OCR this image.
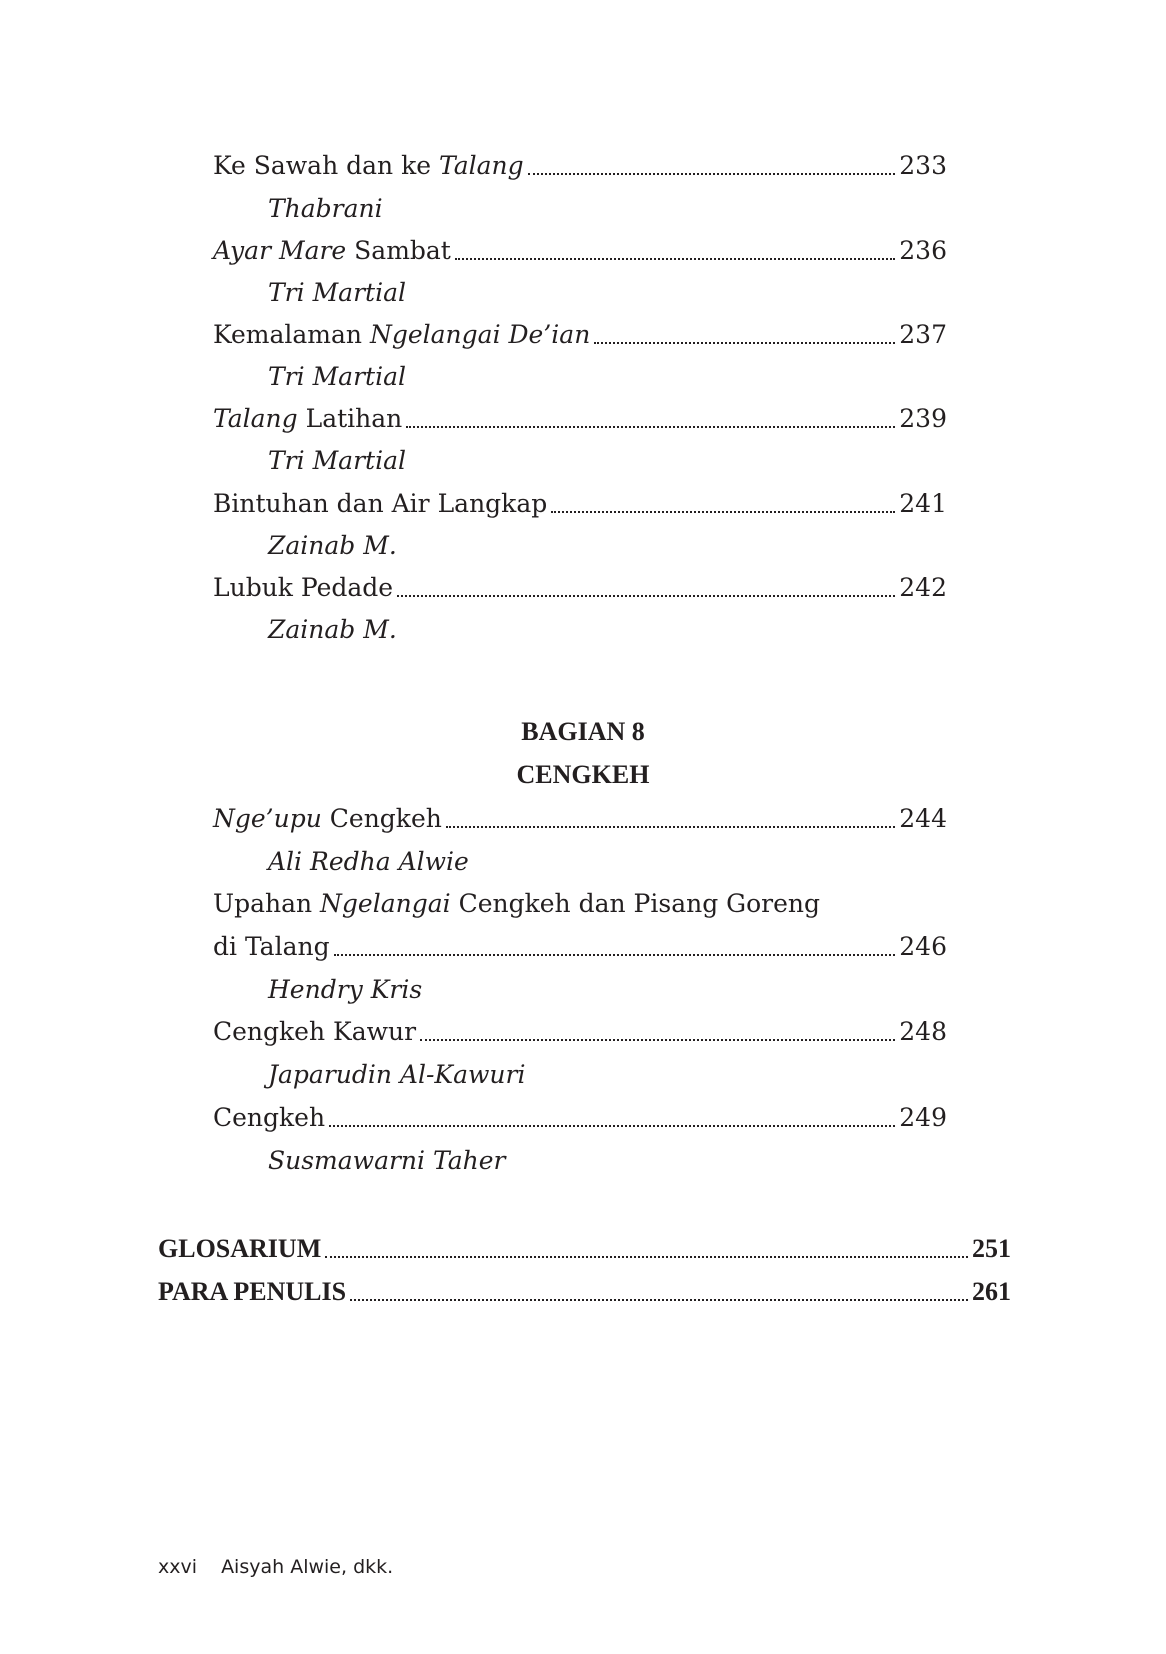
Ke Sawah dan ke Talang	233
Thabrani
Ayar Mare Sambat	236
Tri Martial
Kemalaman Ngelangai De’ian	237
Tri Martial
Talang Latihan	239
Tri Martial
Bintuhan dan Air Langkap	241
Zainab M.
Lubuk Pedade	242
Zainab M.
BAGIAN 8
CENGKEH
Nge’upu Cengkeh	244
Ali Redha Alwie
Upahan Ngelangai Cengkeh dan Pisang Goreng
di Talang	246
Hendry Kris
Cengkeh Kawur	248
Japarudin Al-Kawuri
Cengkeh	249
Susmawarni Taher
GLOSARIUM	251
PARA PENULIS	261
xxvi Aisyah Alwie, dkk.
